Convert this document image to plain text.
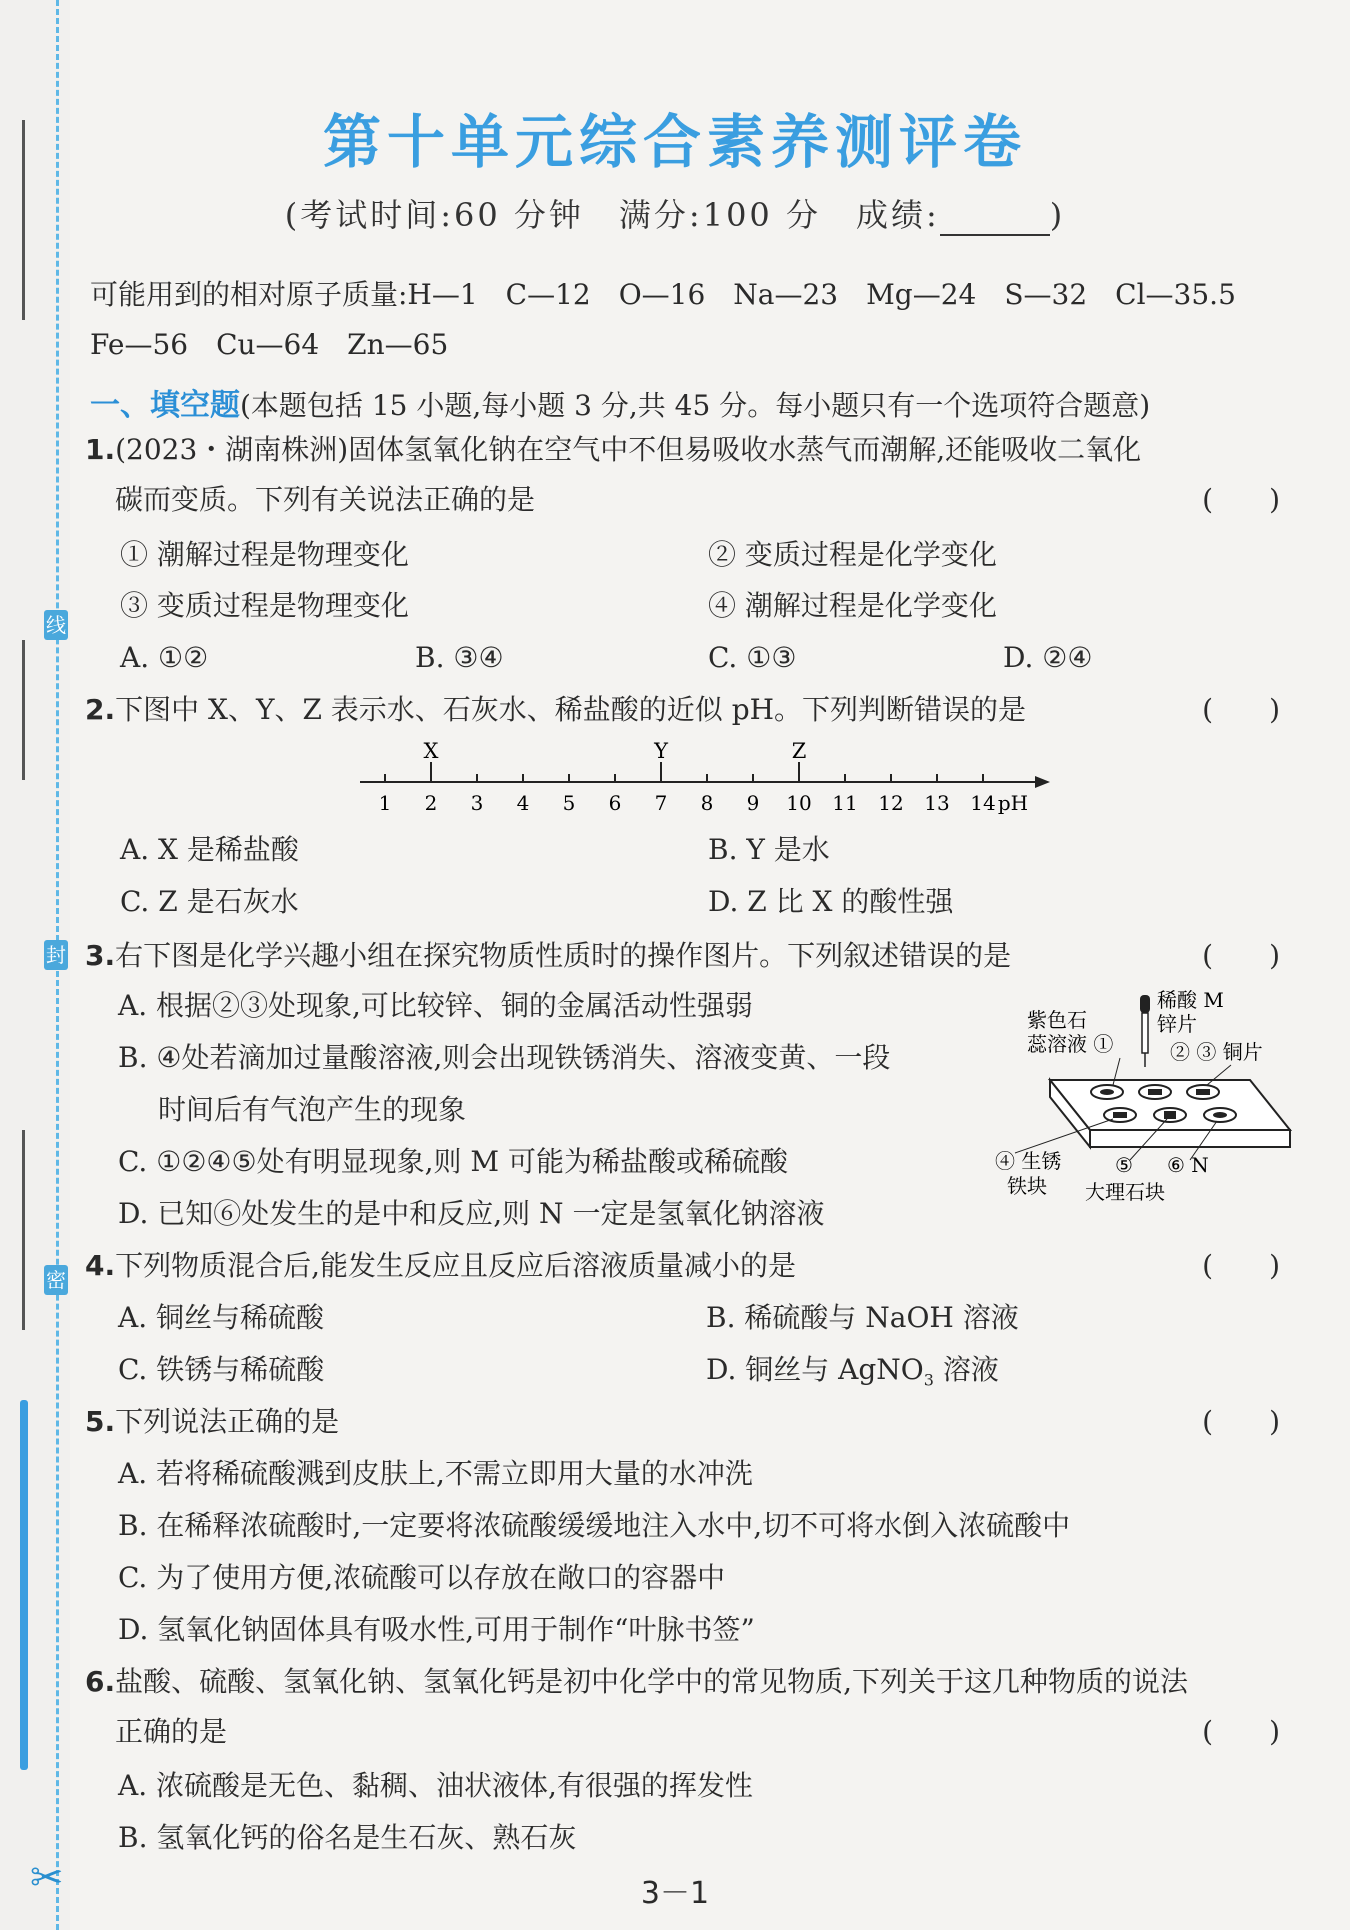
线
封
密
✂
第十单元综合素养测评卷
(考试时间:60 分钟　满分:100 分　成绩:	)
可能用到的相对原子质量:H—1　C—12　O—16　Na—23　Mg—24　S—32　Cl—35.5
Fe—56　Cu—64　Zn—65
一、填空题(本题包括 15 小题,每小题 3 分,共 45 分。每小题只有一个选项符合题意)
1.(2023・湖南株洲)固体氢氧化钠在空气中不但易吸收水蒸气而潮解,还能吸收二氧化
碳而变质。下列有关说法正确的是	(　　)
① 潮解过程是物理变化	② 变质过程是化学变化
③ 变质过程是物理变化	④ 潮解过程是化学变化
A. ①②	B. ③④	C. ①③	D. ②④
2.下图中 X、Y、Z 表示水、石灰水、稀盐酸的近似 pH。下列判断错误的是	(　　)
1 2 3 4 5 6 7 8 9 10 11 12 13 14 pH
X	Y	Z
A. X 是稀盐酸	B. Y 是水
C. Z 是石灰水	D. Z 比 X 的酸性强
3.右下图是化学兴趣小组在探究物质性质时的操作图片。下列叙述错误的是	(　　)
A. 根据②③处现象,可比较锌、铜的金属活动性强弱
B. ④处若滴加过量酸溶液,则会出现铁锈消失、溶液变黄、一段
时间后有气泡产生的现象
C. ①②④⑤处有明显现象,则 M 可能为稀盐酸或稀硫酸
D. 已知⑥处发生的是中和反应,则 N 一定是氢氧化钠溶液
稀酸 M
锌片
紫色石
蕊溶液 ①	② ③ 铜片
④ 生锈
铁块
⑤
大理石块
⑥ N
4.下列物质混合后,能发生反应且反应后溶液质量减小的是	(　　)
A. 铜丝与稀硫酸	B. 稀硫酸与 NaOH 溶液
C. 铁锈与稀硫酸	D. 铜丝与 AgNO$_3$ 溶液
5.下列说法正确的是	(　　)
A. 若将稀硫酸溅到皮肤上,不需立即用大量的水冲洗
B. 在稀释浓硫酸时,一定要将浓硫酸缓缓地注入水中,切不可将水倒入浓硫酸中
C. 为了使用方便,浓硫酸可以存放在敞口的容器中
D. 氢氧化钠固体具有吸水性,可用于制作“叶脉书签”
6.盐酸、硫酸、氢氧化钠、氢氧化钙是初中化学中的常见物质,下列关于这几种物质的说法
正确的是	(　　)
A. 浓硫酸是无色、黏稠、油状液体,有很强的挥发性
B. 氢氧化钙的俗名是生石灰、熟石灰
3－1
